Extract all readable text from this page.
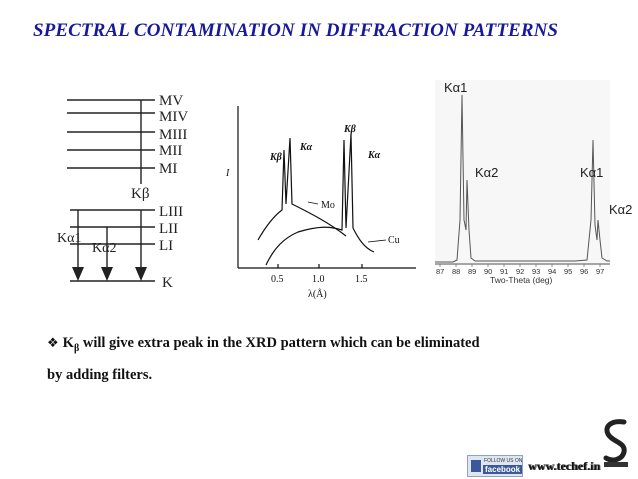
SPECTRAL CONTAMINATION IN DIFFRACTION PATTERNS
MV
MIV
MIII
MII
MI
LIII
LII
LI
K
Kβ
Kα1
Kα2
I
0.5	1.0	1.5
λ(Å)
Kβ
Kα
Kβ
Kα
Mo
Cu
87 88 89 90 91 92 93 94 95 96 97
Two-Theta (deg)
Kα1
Kα2	Kα1
Kα2
❖ $K_\beta$ will give extra peak in the XRD pattern which can be eliminated
by adding filters.
FOLLOW US ON
facebook www.techef.in
